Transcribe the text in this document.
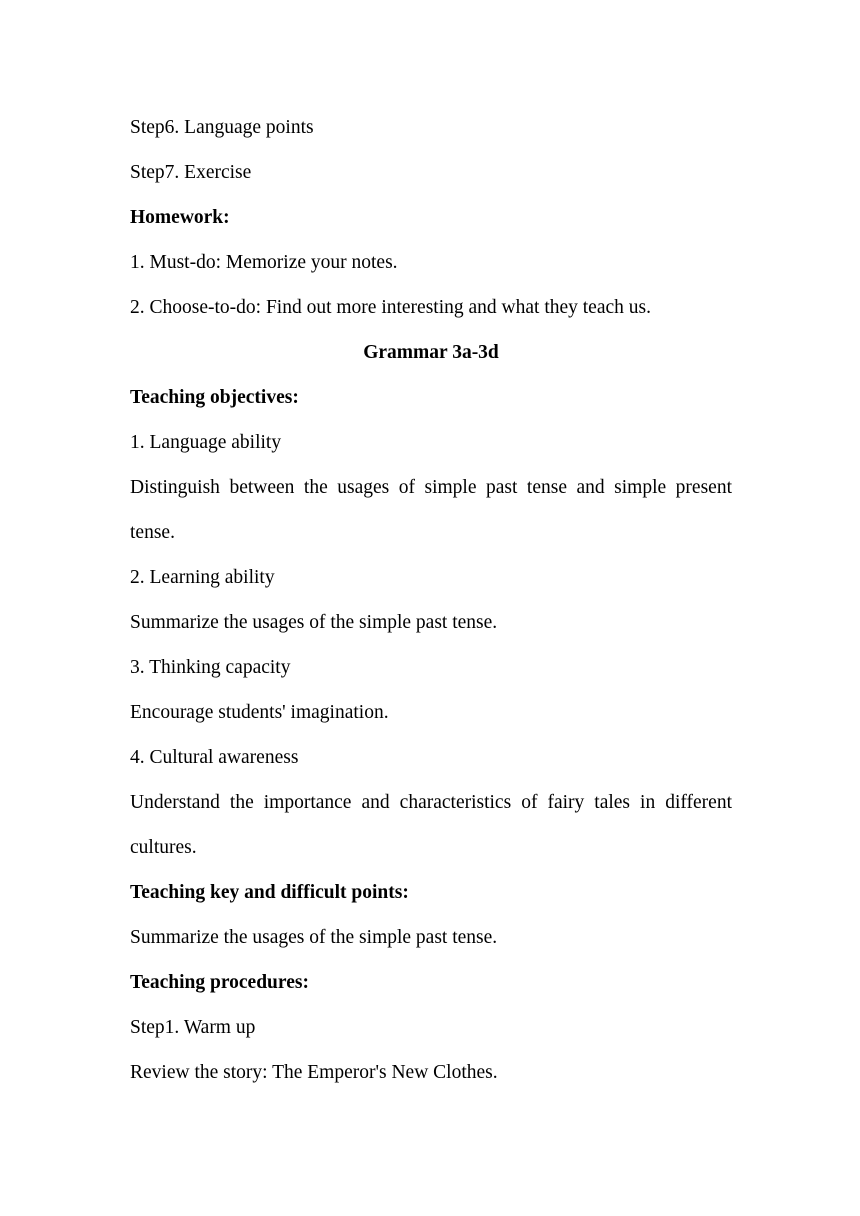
Step6. Language points
Step7. Exercise
Homework:
1. Must-do: Memorize your notes.
2. Choose-to-do: Find out more interesting and what they teach us.
Grammar 3a-3d
Teaching objectives:
1. Language ability
Distinguish between the usages of simple past tense and simple present
tense.
2. Learning ability
Summarize the usages of the simple past tense.
3. Thinking capacity
Encourage students' imagination.
4. Cultural awareness
Understand the importance and characteristics of fairy tales in different
cultures.
Teaching key and difficult points:
Summarize the usages of the simple past tense.
Teaching procedures:
Step1. Warm up
Review the story: The Emperor's New Clothes.
